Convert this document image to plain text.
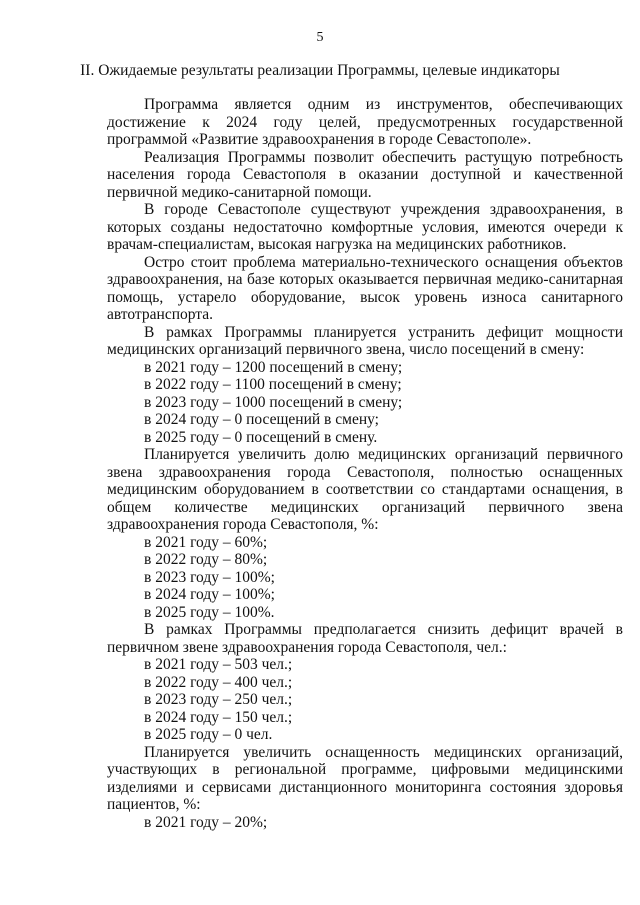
5
II. Ожидаемые результаты реализации Программы, целевые индикаторы

Программа является одним из инструментов, обеспечивающих достижение к 2024 году целей, предусмотренных государственной программой «Развитие здравоохранения в городе Севастополе».

Реализация Программы позволит обеспечить растущую потребность населения города Севастополя в оказании доступной и качественной первичной медико-санитарной помощи.

В городе Севастополе существуют учреждения здравоохранения, в которых созданы недостаточно комфортные условия, имеются очереди к врачам-специалистам, высокая нагрузка на медицинских работников.

Остро стоит проблема материально-технического оснащения объектов здравоохранения, на базе которых оказывается первичная медико-санитарная помощь, устарело оборудование, высок уровень износа санитарного автотранспорта.

В рамках Программы планируется устранить дефицит мощности медицинских организаций первичного звена, число посещений в смену:

в 2021 году – 1200 посещений в смену;

в 2022 году – 1100 посещений в смену;

в 2023 году – 1000 посещений в смену;

в 2024 году – 0 посещений в смену;

в 2025 году – 0 посещений в смену.

Планируется увеличить долю медицинских организаций первичного звена здравоохранения города Севастополя, полностью оснащенных медицинским оборудованием в соответствии со стандартами оснащения, в общем количестве медицинских организаций первичного звена здравоохранения города Севастополя, %:

в 2021 году – 60%;

в 2022 году – 80%;

в 2023 году – 100%;

в 2024 году – 100%;

в 2025 году – 100%.

В рамках Программы предполагается снизить дефицит врачей в первичном звене здравоохранения города Севастополя, чел.:

в 2021 году – 503 чел.;

в 2022 году – 400 чел.;

в 2023 году – 250 чел.;

в 2024 году – 150 чел.;

в 2025 году – 0 чел.

Планируется увеличить оснащенность медицинских организаций, участвующих в региональной программе, цифровыми медицинскими изделиями и сервисами дистанционного мониторинга состояния здоровья пациентов, %:

в 2021 году – 20%;
